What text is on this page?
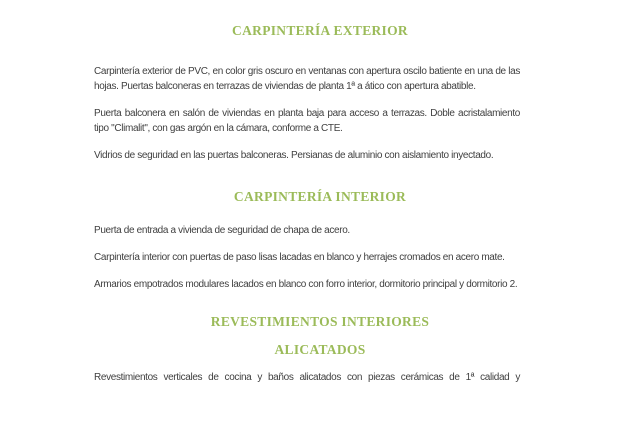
CARPINTERÍA EXTERIOR

Carpintería exterior de PVC, en color gris oscuro en ventanas con apertura oscilo batiente en una de las hojas. Puertas balconeras en terrazas de viviendas de planta 1ª a ático con apertura abatible.

Puerta balconera en salón de viviendas en planta baja para acceso a terrazas. Doble acristalamiento tipo "Climalit", con gas argón en la cámara, conforme a CTE.

Vidrios de seguridad en las puertas balconeras. Persianas de aluminio con aislamiento inyectado.

CARPINTERÍA INTERIOR

Puerta de entrada a vivienda de seguridad de chapa de acero.

Carpintería interior con puertas de paso lisas lacadas en blanco y herrajes cromados en acero mate.

Armarios empotrados modulares lacados en blanco con forro interior, dormitorio principal y dormitorio 2.

REVESTIMIENTOS INTERIORES
ALICATADOS

Revestimientos verticales de cocina y baños alicatados con piezas cerámicas de 1ª calidad y
